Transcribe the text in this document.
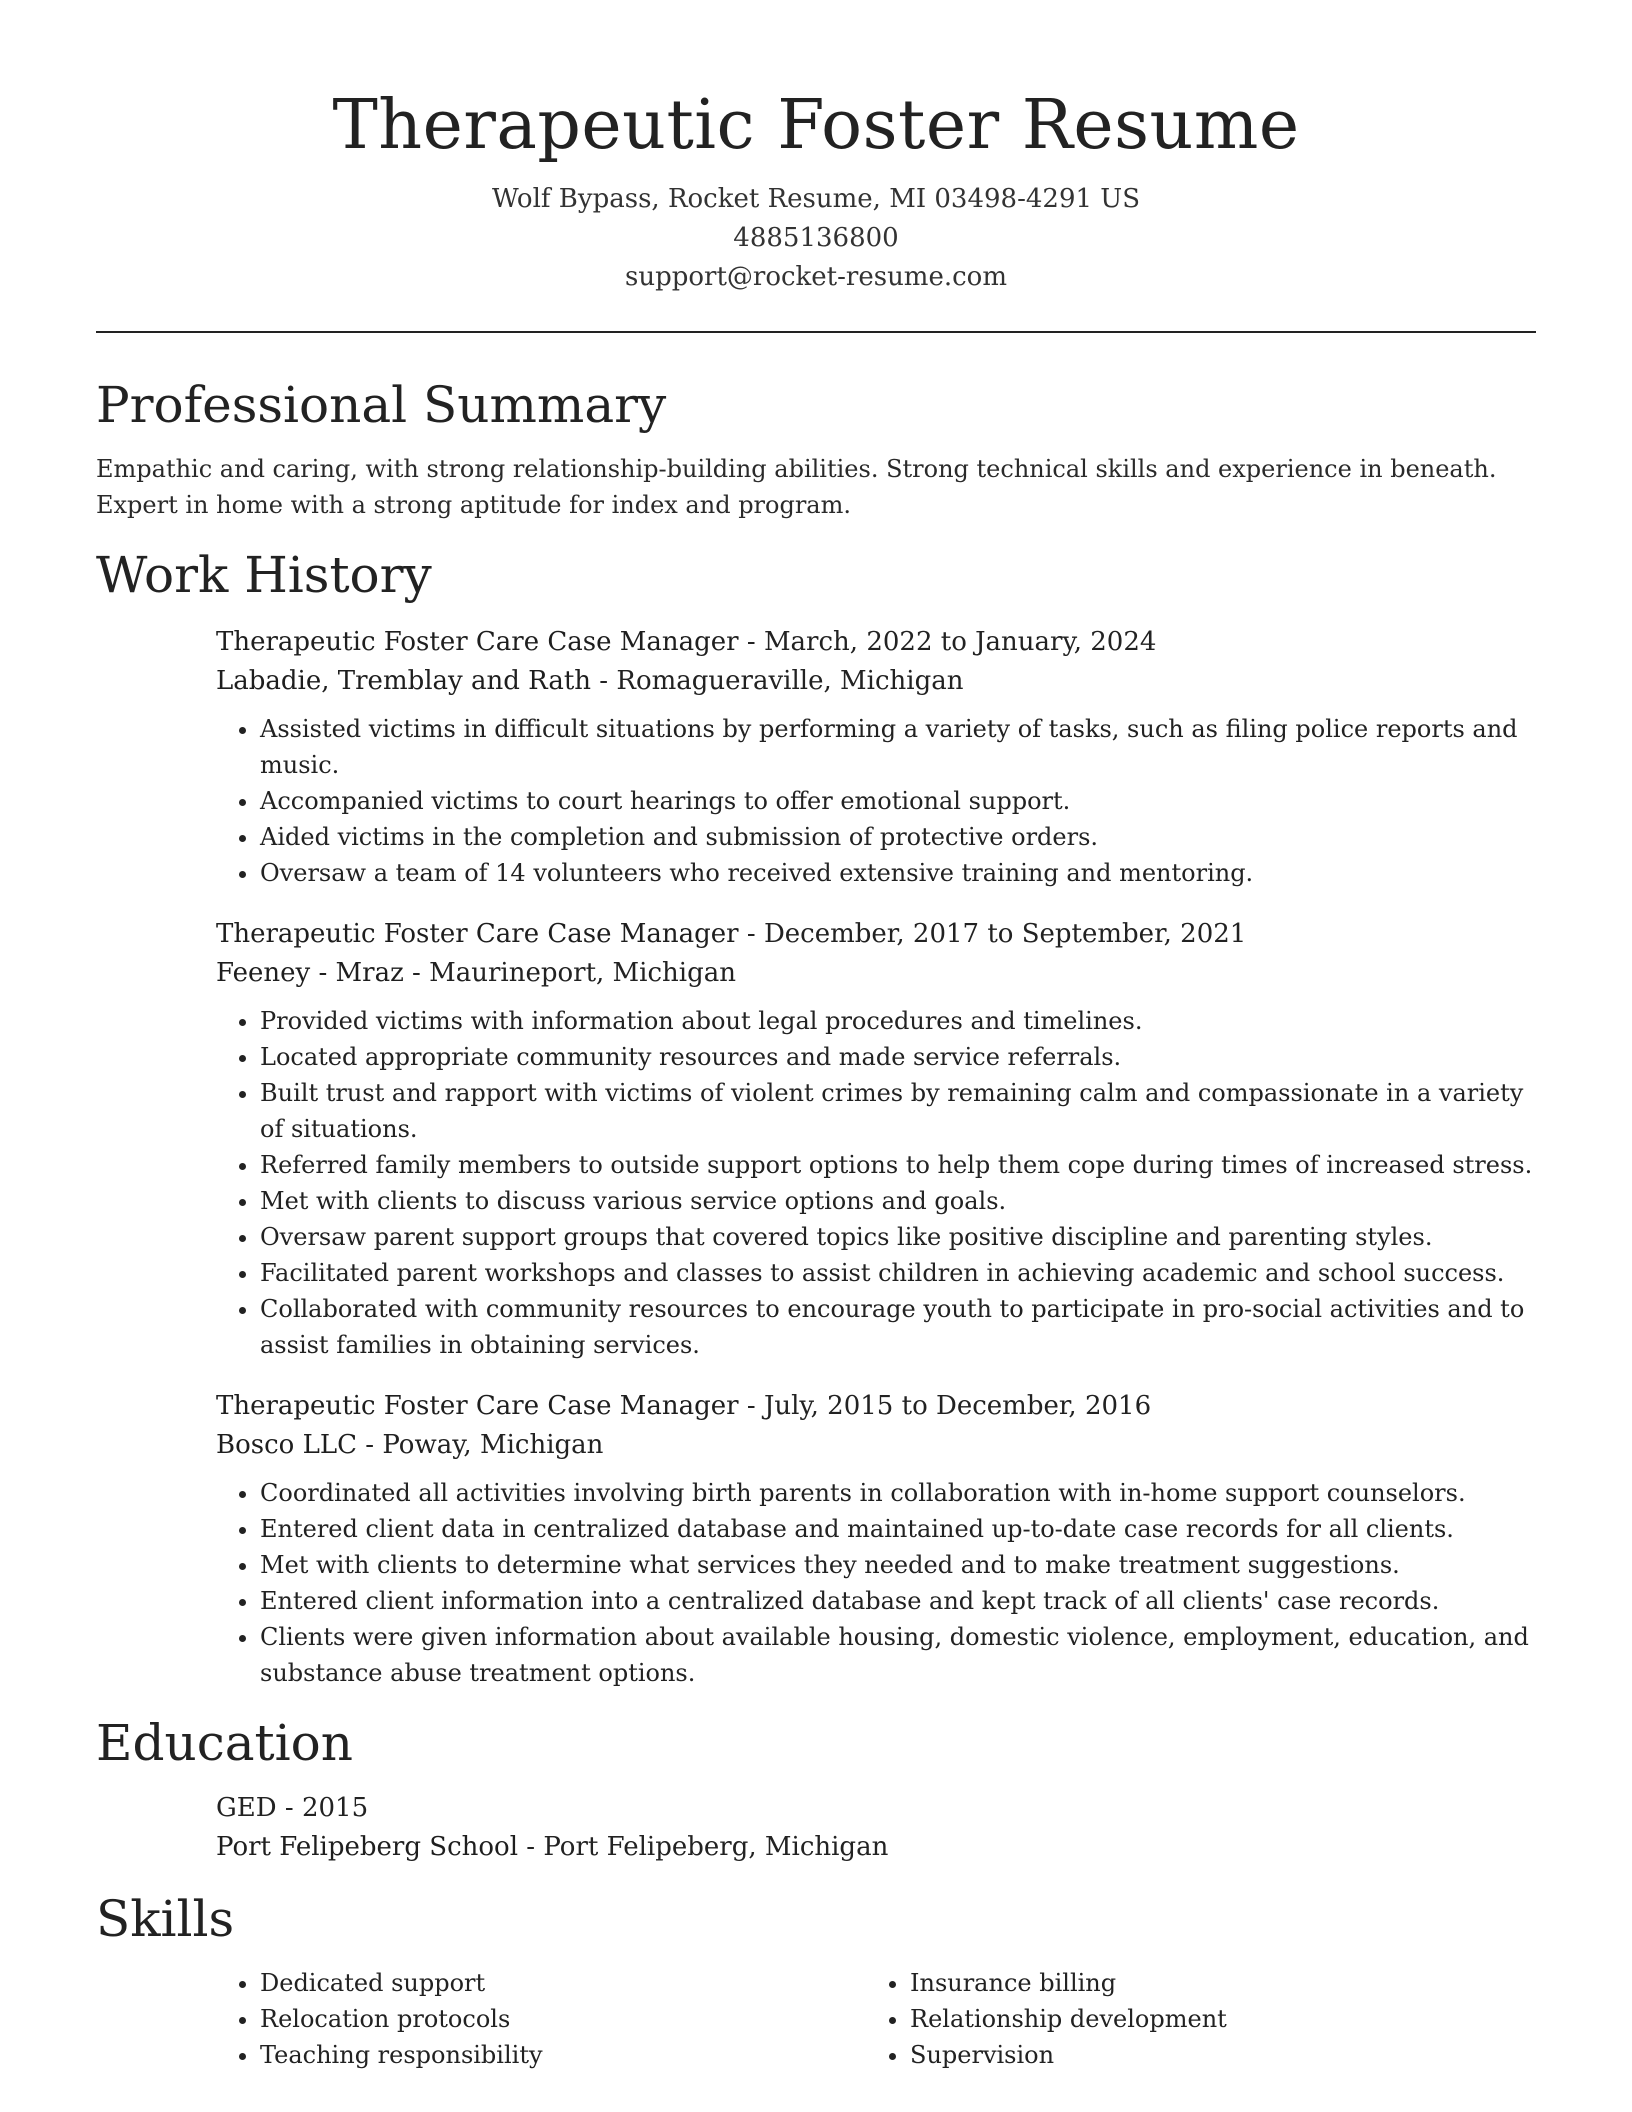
Therapeutic Foster Resume
Wolf Bypass, Rocket Resume, MI 03498-4291 US
4885136800
support@rocket-resume.com
Professional Summary

Empathic and caring, with strong relationship-building abilities. Strong technical skills and experience in beneath. Expert in home with a strong aptitude for index and program.

Work History

Therapeutic Foster Care Case Manager - March, 2022 to January, 2024

Labadie, Tremblay and Rath - Romagueraville, Michigan

• Assisted victims in difficult situations by performing a variety of tasks, such as filing police reports and music.
• Accompanied victims to court hearings to offer emotional support.
• Aided victims in the completion and submission of protective orders.
• Oversaw a team of 14 volunteers who received extensive training and mentoring.

Therapeutic Foster Care Case Manager - December, 2017 to September, 2021

Feeney - Mraz - Maurineport, Michigan

• Provided victims with information about legal procedures and timelines.
• Located appropriate community resources and made service referrals.
• Built trust and rapport with victims of violent crimes by remaining calm and compassionate in a variety of situations.
• Referred family members to outside support options to help them cope during times of increased stress.
• Met with clients to discuss various service options and goals.
• Oversaw parent support groups that covered topics like positive discipline and parenting styles.
• Facilitated parent workshops and classes to assist children in achieving academic and school success.
• Collaborated with community resources to encourage youth to participate in pro-social activities and to assist families in obtaining services.

Therapeutic Foster Care Case Manager - July, 2015 to December, 2016

Bosco LLC - Poway, Michigan

• Coordinated all activities involving birth parents in collaboration with in-home support counselors.
• Entered client data in centralized database and maintained up-to-date case records for all clients.
• Met with clients to determine what services they needed and to make treatment suggestions.
• Entered client information into a centralized database and kept track of all clients' case records.
• Clients were given information about available housing, domestic violence, employment, education, and substance abuse treatment options.
Education

GED - 2015

Port Felipeberg School - Port Felipeberg, Michigan

Skills
• Dedicated support
• Relocation protocols
• Teaching responsibility
• Insurance billing
• Relationship development
• Supervision
